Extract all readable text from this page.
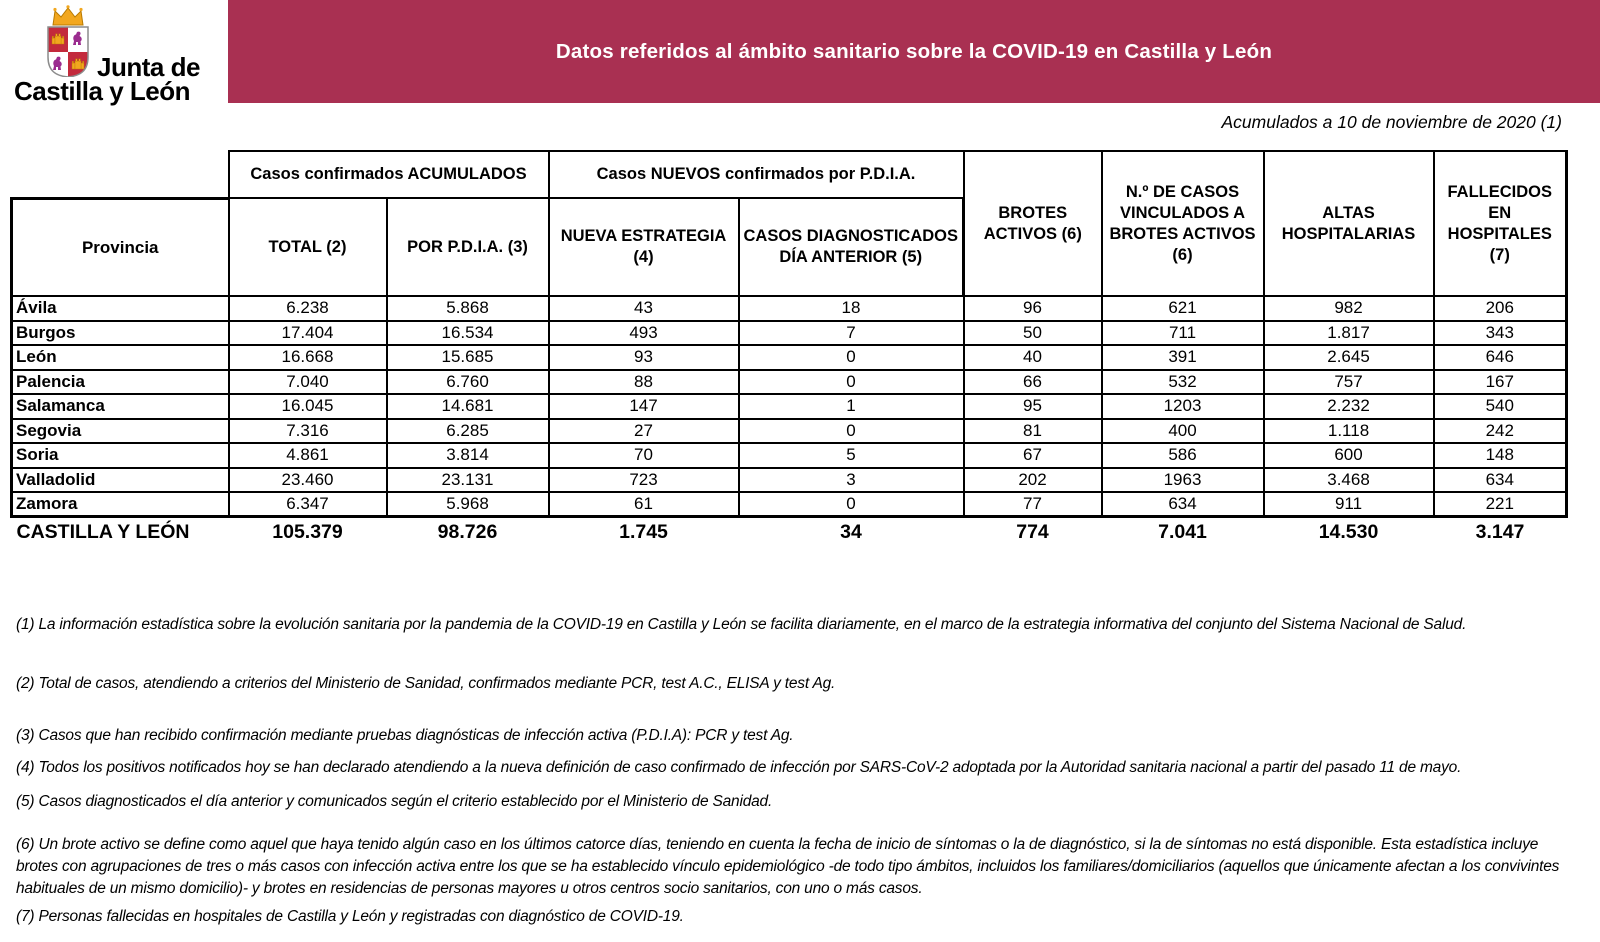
Junta de
Castilla y León
Datos referidos al ámbito sanitario sobre la COVID-19 en Castilla y León
Acumulados a 10 de noviembre de 2020 (1)
	Casos confirmados ACUMULADOS		Casos NUEVOS confirmados por P.D.I.A.		BROTES ACTIVOS (6)	N.º DE CASOS VINCULADOS A BROTES ACTIVOS (6)	ALTAS HOSPITALARIAS	FALLECIDOS EN HOSPITALES (7)
Provincia	TOTAL (2)	POR P.D.I.A. (3)	NUEVA ESTRATEGIA (4)	CASOS DIAGNOSTICADOS DÍA ANTERIOR (5)				
Ávila	6.238	5.868	43	18	96	621	982	206
Burgos	17.404	16.534	493	7	50	711	1.817	343
León	16.668	15.685	93	0	40	391	2.645	646
Palencia	7.040	6.760	88	0	66	532	757	167
Salamanca	16.045	14.681	147	1	95	1203	2.232	540
Segovia	7.316	6.285	27	0	81	400	1.118	242
Soria	4.861	3.814	70	5	67	586	600	148
Valladolid	23.460	23.131	723	3	202	1963	3.468	634
Zamora	6.347	5.968	61	0	77	634	911	221
CASTILLA Y LEÓN	105.379	98.726	1.745	34	774	7.041	14.530	3.147

(1) La información estadística sobre la evolución sanitaria por la pandemia de la COVID-19 en Castilla y León se facilita diariamente, en el marco de la estrategia informativa del conjunto del Sistema Nacional de Salud.

(2) Total de casos, atendiendo a criterios del Ministerio de Sanidad, confirmados mediante PCR, test A.C., ELISA y test Ag.

(3) Casos que han recibido confirmación mediante pruebas diagnósticas de infección activa (P.D.I.A): PCR y test Ag.

(4) Todos los positivos notificados hoy se han declarado atendiendo a la nueva definición de caso confirmado de infección por SARS-CoV-2 adoptada por la Autoridad sanitaria nacional a partir del pasado 11 de mayo.

(5) Casos diagnosticados el día anterior y comunicados según el criterio establecido por el Ministerio de Sanidad.

(6) Un brote activo se define como aquel que haya tenido algún caso en los últimos catorce días, teniendo en cuenta la fecha de inicio de síntomas o la de diagnóstico, si la de síntomas no está disponible. Esta estadística incluye brotes con agrupaciones de tres o más casos con infección activa entre los que se ha establecido vínculo epidemiológico -de todo tipo ámbitos, incluidos los familiares/domiciliarios (aquellos que únicamente afectan a los convivintes habituales de un mismo domicilio)- y brotes en residencias de personas mayores u otros centros socio sanitarios, con uno o más casos.

(7) Personas fallecidas en hospitales de Castilla y León y registradas con diagnóstico de COVID-19.
